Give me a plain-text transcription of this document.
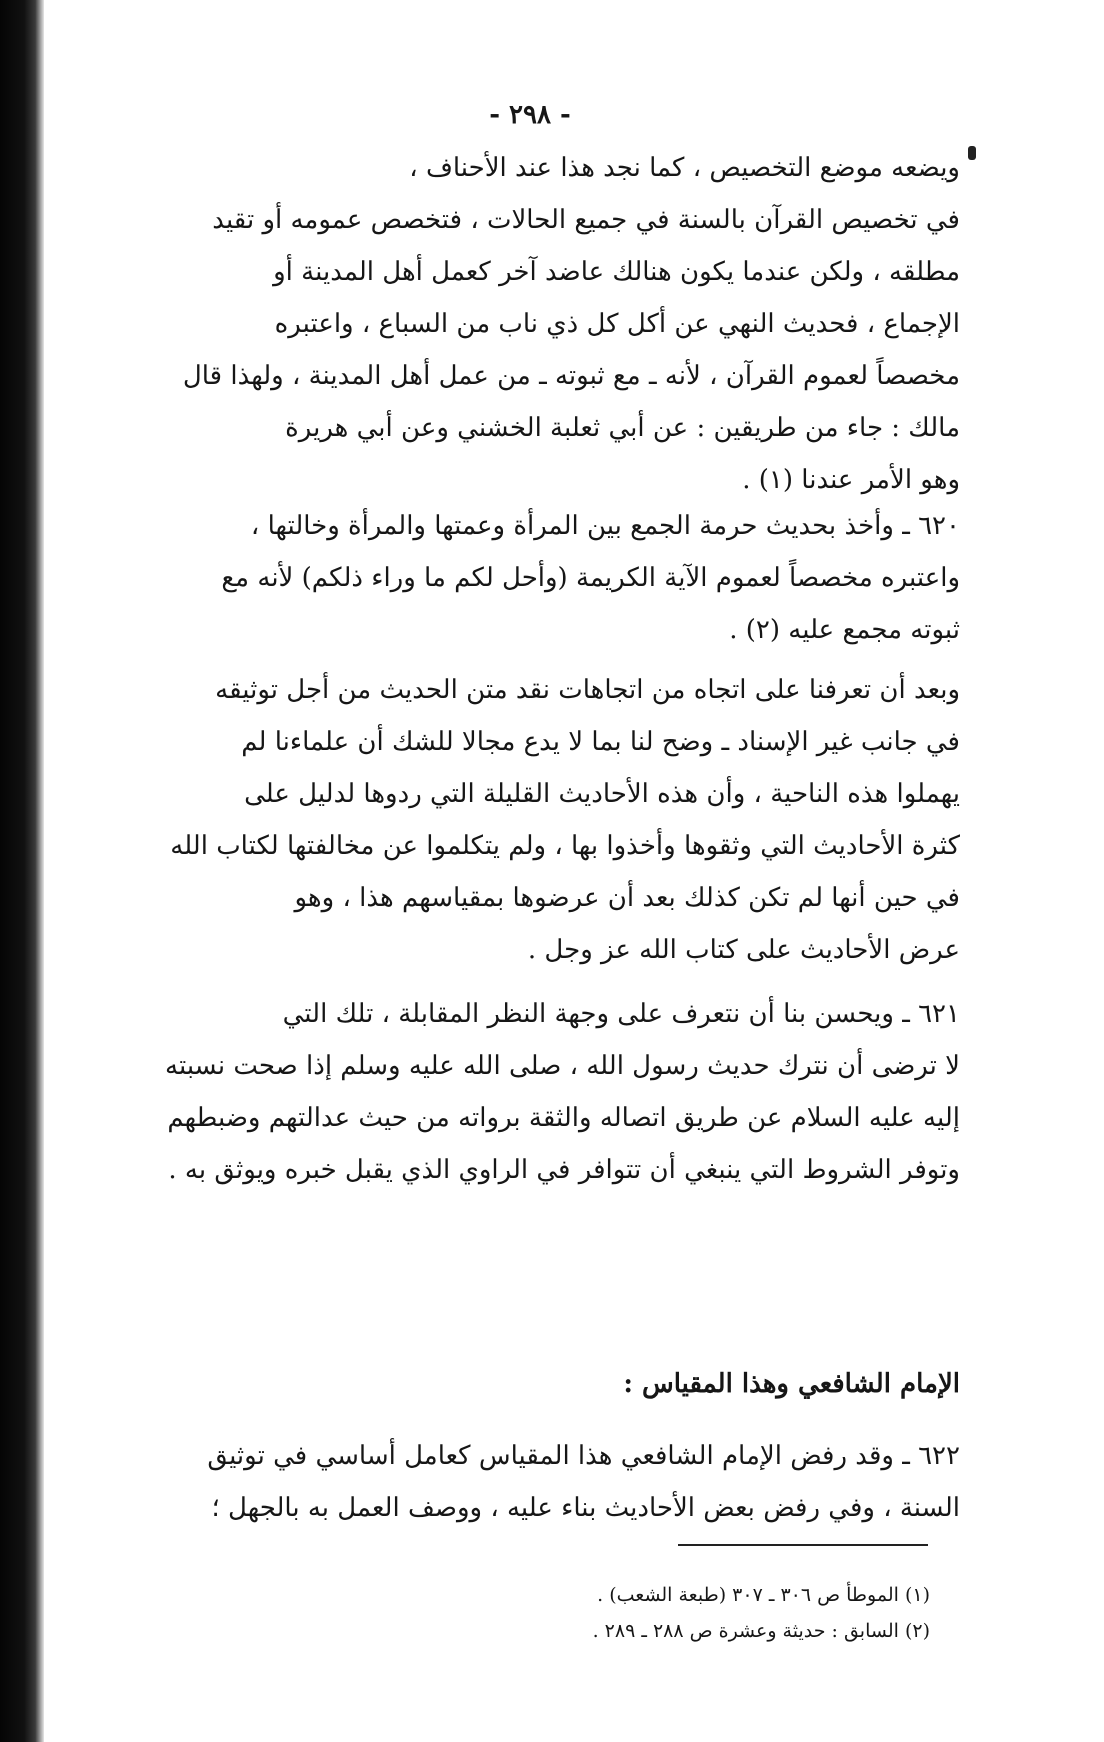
- ٢٩٨ -
ويضعه موضع التخصيص ، كما نجد هذا عند الأحناف ،
في تخصيص القرآن بالسنة في جميع الحالات ، فتخصص عمومه أو تقيد
مطلقه ، ولكن عندما يكون هنالك عاضد آخر كعمل أهل المدينة أو
الإجماع ، فحديث النهي عن أكل كل ذي ناب من السباع ، واعتبره
مخصصاً لعموم القرآن ، لأنه ـ مع ثبوته ـ من عمل أهل المدينة ، ولهذا قال
مالك : جاء من طريقين : عن أبي ثعلبة الخشني وعن أبي هريرة
وهو الأمر عندنا (١) .
٦٢٠ ـ وأخذ بحديث حرمة الجمع بين المرأة وعمتها والمرأة وخالتها ،
واعتبره مخصصاً لعموم الآية الكريمة (وأحل لكم ما وراء ذلكم) لأنه مع
ثبوته مجمع عليه (٢) .
وبعد أن تعرفنا على اتجاه من اتجاهات نقد متن الحديث من أجل توثيقه
في جانب غير الإسناد ـ وضح لنا بما لا يدع مجالا للشك أن علماءنا لم
يهملوا هذه الناحية ، وأن هذه الأحاديث القليلة التي ردوها لدليل على
كثرة الأحاديث التي وثقوها وأخذوا بها ، ولم يتكلموا عن مخالفتها لكتاب الله
في حين أنها لم تكن كذلك بعد أن عرضوها بمقياسهم هذا ، وهو
عرض الأحاديث على كتاب الله عز وجل .
٦٢١ ـ ويحسن بنا أن نتعرف على وجهة النظر المقابلة ، تلك التي
لا ترضى أن نترك حديث رسول الله ، صلى الله عليه وسلم إذا صحت نسبته
إليه عليه السلام عن طريق اتصاله والثقة برواته من حيث عدالتهم وضبطهم
وتوفر الشروط التي ينبغي أن تتوافر في الراوي الذي يقبل خبره ويوثق به .
الإمام الشافعي وهذا المقياس :
٦٢٢ ـ وقد رفض الإمام الشافعي هذا المقياس كعامل أساسي في توثيق
السنة ، وفي رفض بعض الأحاديث بناء عليه ، ووصف العمل به بالجهل ؛
(١) الموطأ ص ٣٠٦ ـ ٣٠٧ (طبعة الشعب) .
(٢) السابق : حديثة وعشرة ص ٢٨٨ ـ ٢٨٩ .
